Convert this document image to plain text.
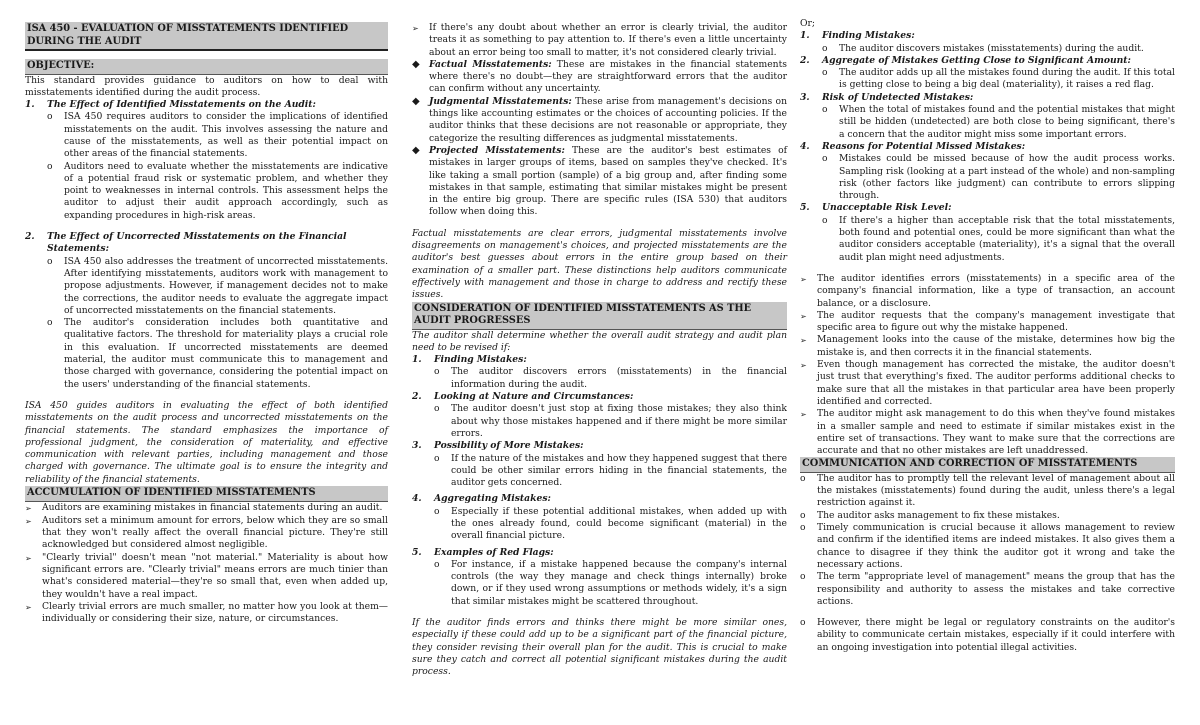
ISA 450 - EVALUATION OF MISSTATEMENTS IDENTIFIED DURING THE AUDIT
OBJECTIVE:

This standard provides guidance to auditors on how to deal with misstatements identified during the audit process.

1.	The Effect of Identified Misstatements on the Audit:
o	ISA 450 requires auditors to consider the implications of identified misstatements on the audit. This involves assessing the nature and cause of the misstatements, as well as their potential impact on other areas of the financial statements.
o	Auditors need to evaluate whether the misstatements are indicative of a potential fraud risk or systematic problem, and whether they point to weaknesses in internal controls. This assessment helps the auditor to adjust their audit approach accordingly, such as expanding procedures in high-risk areas.
2.	The Effect of Uncorrected Misstatements on the Financial Statements:
o	ISA 450 also addresses the treatment of uncorrected misstatements. After identifying misstatements, auditors work with management to propose adjustments. However, if management decides not to make the corrections, the auditor needs to evaluate the aggregate impact of uncorrected misstatements on the financial statements.
o	The auditor's consideration includes both quantitative and qualitative factors. The threshold for materiality plays a crucial role in this evaluation. If uncorrected misstatements are deemed material, the auditor must communicate this to management and those charged with governance, considering the potential impact on the users' understanding of the financial statements.

ISA 450 guides auditors in evaluating the effect of both identified misstatements on the audit process and uncorrected misstatements on the financial statements. The standard emphasizes the importance of professional judgment, the consideration of materiality, and effective communication with relevant parties, including management and those charged with governance. The ultimate goal is to ensure the integrity and reliability of the financial statements.

ACCUMULATION OF IDENTIFIED MISSTATEMENTS
➢	Auditors are examining mistakes in financial statements during an audit.
➢	Auditors set a minimum amount for errors, below which they are so small that they won't really affect the overall financial picture. They're still acknowledged but considered almost negligible.
➢	"Clearly trivial" doesn't mean "not material." Materiality is about how significant errors are. "Clearly trivial" means errors are much tinier than what's considered material—they're so small that, even when added up, they wouldn't have a real impact.
➢	Clearly trivial errors are much smaller, no matter how you look at them—individually or considering their size, nature, or circumstances.
➢	If there's any doubt about whether an error is clearly trivial, the auditor treats it as something to pay attention to. If there's even a little uncertainty about an error being too small to matter, it's not considered clearly trivial.
◆	Factual Misstatements: These are mistakes in the financial statements where there's no doubt—they are straightforward errors that the auditor can confirm without any uncertainty.
◆	Judgmental Misstatements: These arise from management's decisions on things like accounting estimates or the choices of accounting policies. If the auditor thinks that these decisions are not reasonable or appropriate, they categorize the resulting differences as judgmental misstatements.
◆	Projected Misstatements: These are the auditor's best estimates of mistakes in larger groups of items, based on samples they've checked. It's like taking a small portion (sample) of a big group and, after finding some mistakes in that sample, estimating that similar mistakes might be present in the entire big group. There are specific rules (ISA 530) that auditors follow when doing this.

Factual misstatements are clear errors, judgmental misstatements involve disagreements on management's choices, and projected misstatements are the auditor's best guesses about errors in the entire group based on their examination of a smaller part. These distinctions help auditors communicate effectively with management and those in charge to address and rectify these issues.

CONSIDERATION OF IDENTIFIED MISSTATEMENTS AS THE AUDIT PROGRESSES

The auditor shall determine whether the overall audit strategy and audit plan need to be revised if:

1.	Finding Mistakes:
o	The auditor discovers errors (misstatements) in the financial information during the audit.
2.	Looking at Nature and Circumstances:
o	The auditor doesn't just stop at fixing those mistakes; they also think about why those mistakes happened and if there might be more similar errors.
3.	Possibility of More Mistakes:
o	If the nature of the mistakes and how they happened suggest that there could be other similar errors hiding in the financial statements, the auditor gets concerned.
4.	Aggregating Mistakes:
o	Especially if these potential additional mistakes, when added up with the ones already found, could become significant (material) in the overall financial picture.
5.	Examples of Red Flags:
o	For instance, if a mistake happened because the company's internal controls (the way they manage and check things internally) broke down, or if they used wrong assumptions or methods widely, it's a sign that similar mistakes might be scattered throughout.

If the auditor finds errors and thinks there might be more similar ones, especially if these could add up to be a significant part of the financial picture, they consider revising their overall plan for the audit. This is crucial to make sure they catch and correct all potential significant mistakes during the audit process.

Or;

1.	Finding Mistakes:
o	The auditor discovers mistakes (misstatements) during the audit.
2.	Aggregate of Mistakes Getting Close to Significant Amount:
o	The auditor adds up all the mistakes found during the audit. If this total is getting close to being a big deal (materiality), it raises a red flag.
3.	Risk of Undetected Mistakes:
o	When the total of mistakes found and the potential mistakes that might still be hidden (undetected) are both close to being significant, there's a concern that the auditor might miss some important errors.
4.	Reasons for Potential Missed Mistakes:
o	Mistakes could be missed because of how the audit process works. Sampling risk (looking at a part instead of the whole) and non-sampling risk (other factors like judgment) can contribute to errors slipping through.
5.	Unacceptable Risk Level:
o	If there's a higher than acceptable risk that the total misstatements, both found and potential ones, could be more significant than what the auditor considers acceptable (materiality), it's a signal that the overall audit plan might need adjustments.
➢	The auditor identifies errors (misstatements) in a specific area of the company's financial information, like a type of transaction, an account balance, or a disclosure.
➢	The auditor requests that the company's management investigate that specific area to figure out why the mistake happened.
➢	Management looks into the cause of the mistake, determines how big the mistake is, and then corrects it in the financial statements.
➢	Even though management has corrected the mistake, the auditor doesn't just trust that everything's fixed. The auditor performs additional checks to make sure that all the mistakes in that particular area have been properly identified and corrected.
➢	The auditor might ask management to do this when they've found mistakes in a smaller sample and need to estimate if similar mistakes exist in the entire set of transactions. They want to make sure that the corrections are accurate and that no other mistakes are left unaddressed.
COMMUNICATION AND CORRECTION OF MISSTATEMENTS
o	The auditor has to promptly tell the relevant level of management about all the mistakes (misstatements) found during the audit, unless there's a legal restriction against it.
o	The auditor asks management to fix these mistakes.
o	Timely communication is crucial because it allows management to review and confirm if the identified items are indeed mistakes. It also gives them a chance to disagree if they think the auditor got it wrong and take the necessary actions.
o	The term "appropriate level of management" means the group that has the responsibility and authority to assess the mistakes and take corrective actions.
o	However, there might be legal or regulatory constraints on the auditor's ability to communicate certain mistakes, especially if it could interfere with an ongoing investigation into potential illegal activities.
